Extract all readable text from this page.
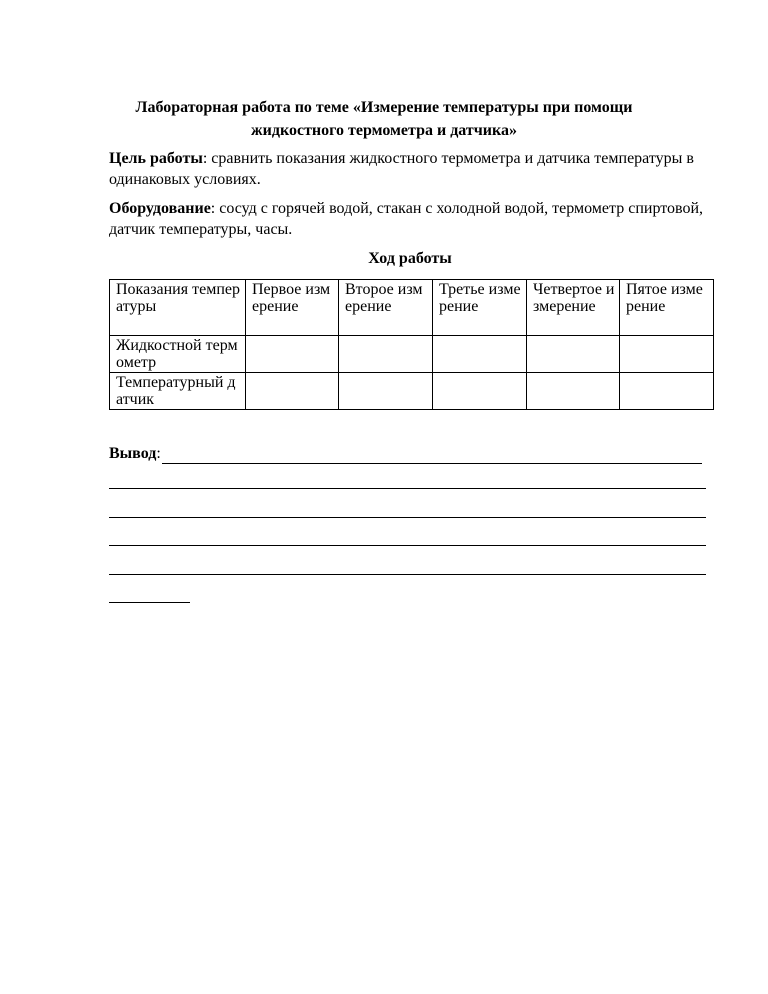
Лабораторная работа по теме «Измерение температуры при помощи жидкостного термометра и датчика»
Цель работы: сравнить показания жидкостного термометра и датчика температуры в одинаковых условиях.
Оборудование: сосуд с горячей водой, стакан с холодной водой, термометр спиртовой, датчик температуры, часы.
Ход работы
Показания температуры	Первое измерение	Второе измерение	Третье измерение	Четвертое измерение	Пятое измерение
Жидкостной термометр					
Температурный датчик					
Вывод :
